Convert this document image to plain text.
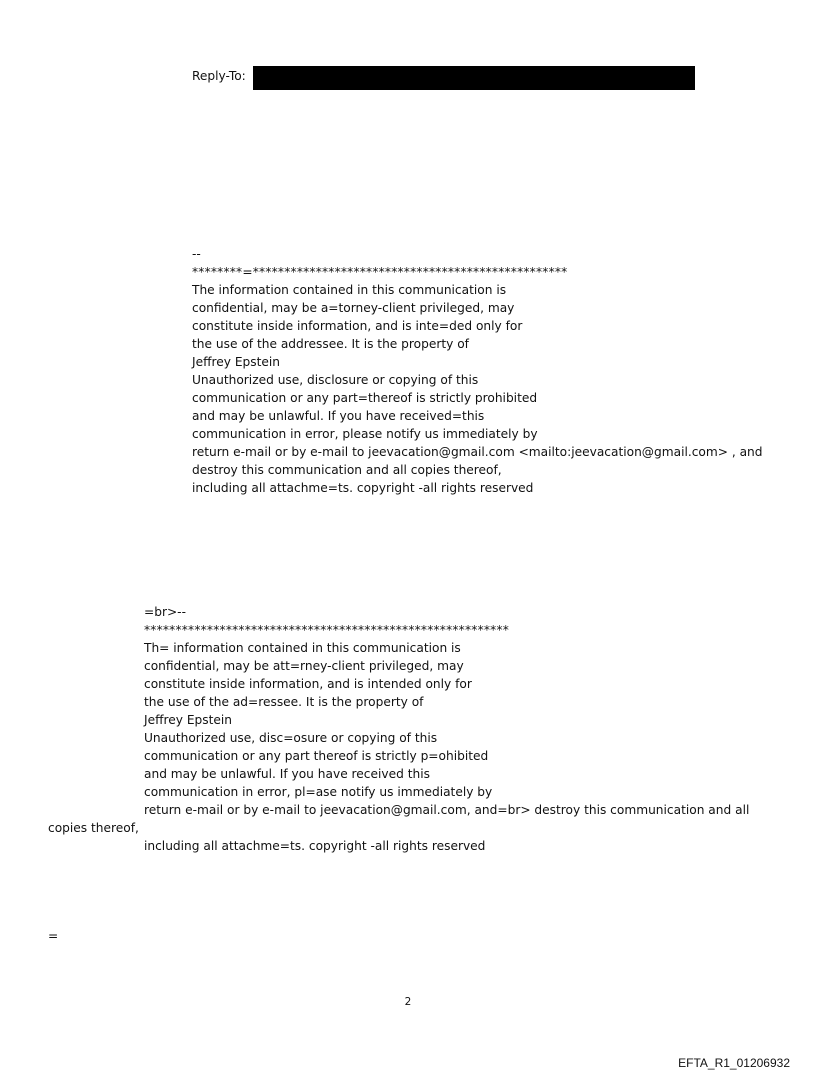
Reply-To:
--
********=**************************************************
The information contained in this communication is
confidential, may be a=torney-client privileged, may
constitute inside information, and is inte=ded only for
the use of the addressee. It is the property of
Jeffrey Epstein
Unauthorized use, disclosure or copying of this
communication or any part=thereof is strictly prohibited
and may be unlawful. If you have received=this
communication in error, please notify us immediately by
return e-mail or by e-mail to jeevacation@gmail.com <mailto:jeevacation@gmail.com> , and
destroy this communication and all copies thereof,
including all attachme=ts. copyright -all rights reserved
=br>--
**********************************************************
Th= information contained in this communication is
confidential, may be att=rney-client privileged, may
constitute inside information, and is intended only for
the use of the ad=ressee. It is the property of
Jeffrey Epstein
Unauthorized use, disc=osure or copying of this
communication or any part thereof is strictly p=ohibited
and may be unlawful. If you have received this
communication in error, pl=ase notify us immediately by
return e-mail or by e-mail to jeevacation@gmail.com, and=br> destroy this communication and all
copies thereof,
including all attachme=ts. copyright -all rights reserved
=
2
EFTA_R1_01206932
